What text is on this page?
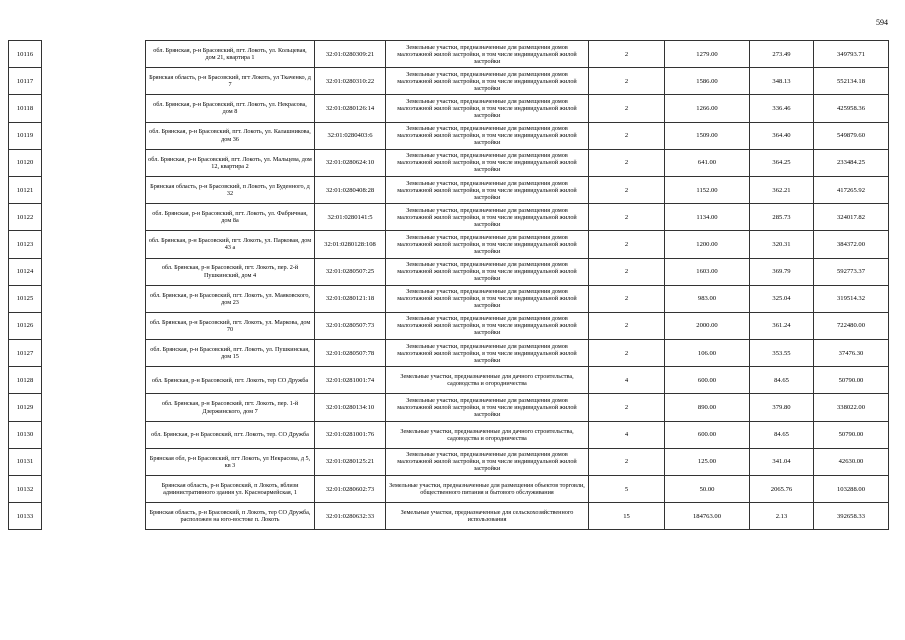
594
10116		обл. Брянская, р-н Брасовский, пгт. Локоть, ул. Кольцевая, дом 21, квартира 1	32:01:0280309:21	Земельные участки, предназначенные для размещения домов малоэтажной жилой застройки, в том числе индивидуальной жилой застройки	2	1279.00	273.49	349793.71
10117		Брянская область, р-н Брасовский, пгт Локоть, ул Ткаченко, д 7	32:01:0280310:22	Земельные участки, предназначенные для размещения домов малоэтажной жилой застройки, в том числе индивидуальной жилой застройки	2	1586.00	348.13	552134.18
10118		обл. Брянская, р-н Брасовский, пгт. Локоть, ул. Некрасова, дом 8	32:01:0280126:14	Земельные участки, предназначенные для размещения домов малоэтажной жилой застройки, в том числе индивидуальной жилой застройки	2	1266.00	336.46	425958.36
10119		обл. Брянская, р-н Брасовский, пгт. Локоть, ул. Калашникова, дом 36	32:01:0280403:6	Земельные участки, предназначенные для размещения домов малоэтажной жилой застройки, в том числе индивидуальной жилой застройки	2	1509.00	364.40	549879.60
10120		обл. Брянская, р-н Брасовский, пгт. Локоть, ул. Мальцева, дом 12, квартира 2	32:01:0280624:10	Земельные участки, предназначенные для размещения домов малоэтажной жилой застройки, в том числе индивидуальной жилой застройки	2	641.00	364.25	233484.25
10121		Брянская область, р-н Брасовский, п Локоть, ул Буденного, д 32	32:01:0280408:28	Земельные участки, предназначенные для размещения домов малоэтажной жилой застройки, в том числе индивидуальной жилой застройки	2	1152.00	362.21	417265.92
10122		обл. Брянская, р-н Брасовский, пгт. Локоть, ул. Фабричная, дом 8а	32:01:0280141:5	Земельные участки, предназначенные для размещения домов малоэтажной жилой застройки, в том числе индивидуальной жилой застройки	2	1134.00	285.73	324017.82
10123		обл. Брянская, р-н Брасовский, пгт. Локоть, ул. Парковая, дом 43 а	32:01:0280128:108	Земельные участки, предназначенные для размещения домов малоэтажной жилой застройки, в том числе индивидуальной жилой застройки	2	1200.00	320.31	384372.00
10124		обл. Брянская, р-н Брасовский, пгт. Локоть, пер. 2-й Пушкинский, дом 4	32:01:0280507:25	Земельные участки, предназначенные для размещения домов малоэтажной жилой застройки, в том числе индивидуальной жилой застройки	2	1603.00	369.79	592773.37
10125		обл. Брянская, р-н Брасовский, пгт. Локоть, ул. Маяковского, дом 23	32:01:0280121:18	Земельные участки, предназначенные для размещения домов малоэтажной жилой застройки, в том числе индивидуальной жилой застройки	2	983.00	325.04	319514.32
10126		обл. Брянская, р-н Брасовский, пгт. Локоть, ул. Маркова, дом 70	32:01:0280507:73	Земельные участки, предназначенные для размещения домов малоэтажной жилой застройки, в том числе индивидуальной жилой застройки	2	2000.00	361.24	722480.00
10127		обл. Брянская, р-н Брасовский, пгт. Локоть, ул. Пушкинская, дом 15	32:01:0280507:78	Земельные участки, предназначенные для размещения домов малоэтажной жилой застройки, в том числе индивидуальной жилой застройки	2	106.00	353.55	37476.30
10128		обл. Брянская, р-н Брасовский, пгт. Локоть, тер СО Дружба	32:01:0281001:74	Земельные участки, предназначенные для дачного строительства, садоводства и огородничества	4	600.00	84.65	50790.00
10129		обл. Брянская, р-н Брасовский, пгт. Локоть, пер. 1-й Дзержинского, дом 7	32:01:0280134:10	Земельные участки, предназначенные для размещения домов малоэтажной жилой застройки, в том числе индивидуальной жилой застройки	2	890.00	379.80	338022.00
10130		обл. Брянская, р-н Брасовский, пгт. Локоть, тер. СО Дружба	32:01:0281001:76	Земельные участки, предназначенные для дачного строительства, садоводства и огородничества	4	600.00	84.65	50790.00
10131		Брянская обл, р-н Брасовский, пгт Локоть, ул Некрасова, д 5, кв 3	32:01:0280125:21	Земельные участки, предназначенные для размещения домов малоэтажной жилой застройки, в том числе индивидуальной жилой застройки	2	125.00	341.04	42630.00
10132		Брянская область, р-н Брасовский, п Локоть, вблизи административного здания ул. Красноармейская, 1	32:01:0280602:73	Земельные участки, предназначенные для размещения объектов торговли, общественного питания и бытового обслуживания	5	50.00	2065.76	103288.00
10133		Брянская область, р-н Брасовский, п Локоть, тер СО Дружба, расположен на юго-востоке п. Локоть	32:01:0280632:33	Земельные участки, предназначенные для сельскохозяйственного использования	15	184763.00	2.13	392658.33
